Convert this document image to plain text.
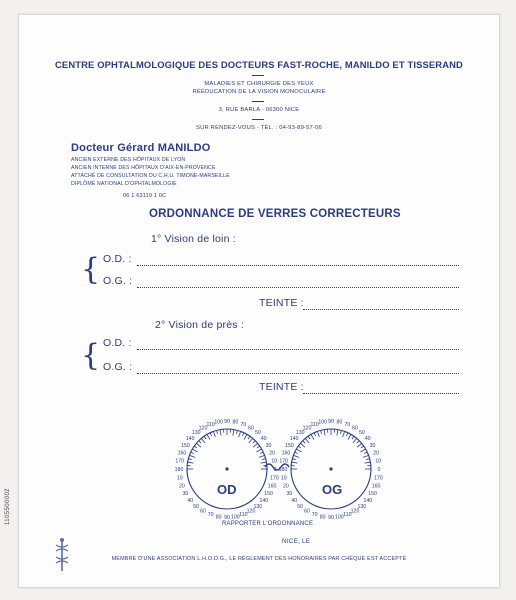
CENTRE OPHTALMOLOGIQUE DES DOCTEURS FAST-ROCHE, MANILDO ET TISSERAND
MALADIES ET CHIRURGIE DES YEUX
RÉÉDUCATION DE LA VISION MONOCULAIRE
3, RUE BARLA - 06300 NICE
SUR RENDEZ-VOUS - TÉL. : 04-93-89-57-06
Docteur Gérard MANILDO
ANCIEN EXTERNE DES HÔPITAUX DE LYON
ANCIEN INTERNE DES HÔPITAUX D'AIX-EN-PROVENCE
ATTACHÉ DE CONSULTATION DU C.H.U. TIMONE-MARSEILLE
DIPLÔMÉ NATIONAL D'OPHTALMOLOGIE
06 1 63119 1 0C
ORDONNANCE DE VERRES CORRECTEURS
1° Vision de loin :
{ O.D. :
O.G. :
TEINTE :
2° Vision de près :
{ O.D. :
O.G. :
TEINTE :
0
10
170
20
160
30
150
40
140
50
130
60
120
70
110
80
100
90
90
100
80
110
70
120
60
130
50
140
40
150
30
160
20
170
10
180	0
10
170
20
160
30
150
40
140
50
130
60
120
70
110
80
100
90
90
100
80
110
70
120
60
130
50
140
40
150
30
160
20
170
10
180
OD	OG
RAPPORTER L'ORDONNANCE
NICE, LE
MEMBRE D'UNE ASSOCIATION L.H.O.D.G., LE RÈGLEMENT DES HONORAIRES PAR CHÈQUE EST ACCEPTÉ
1105500002
